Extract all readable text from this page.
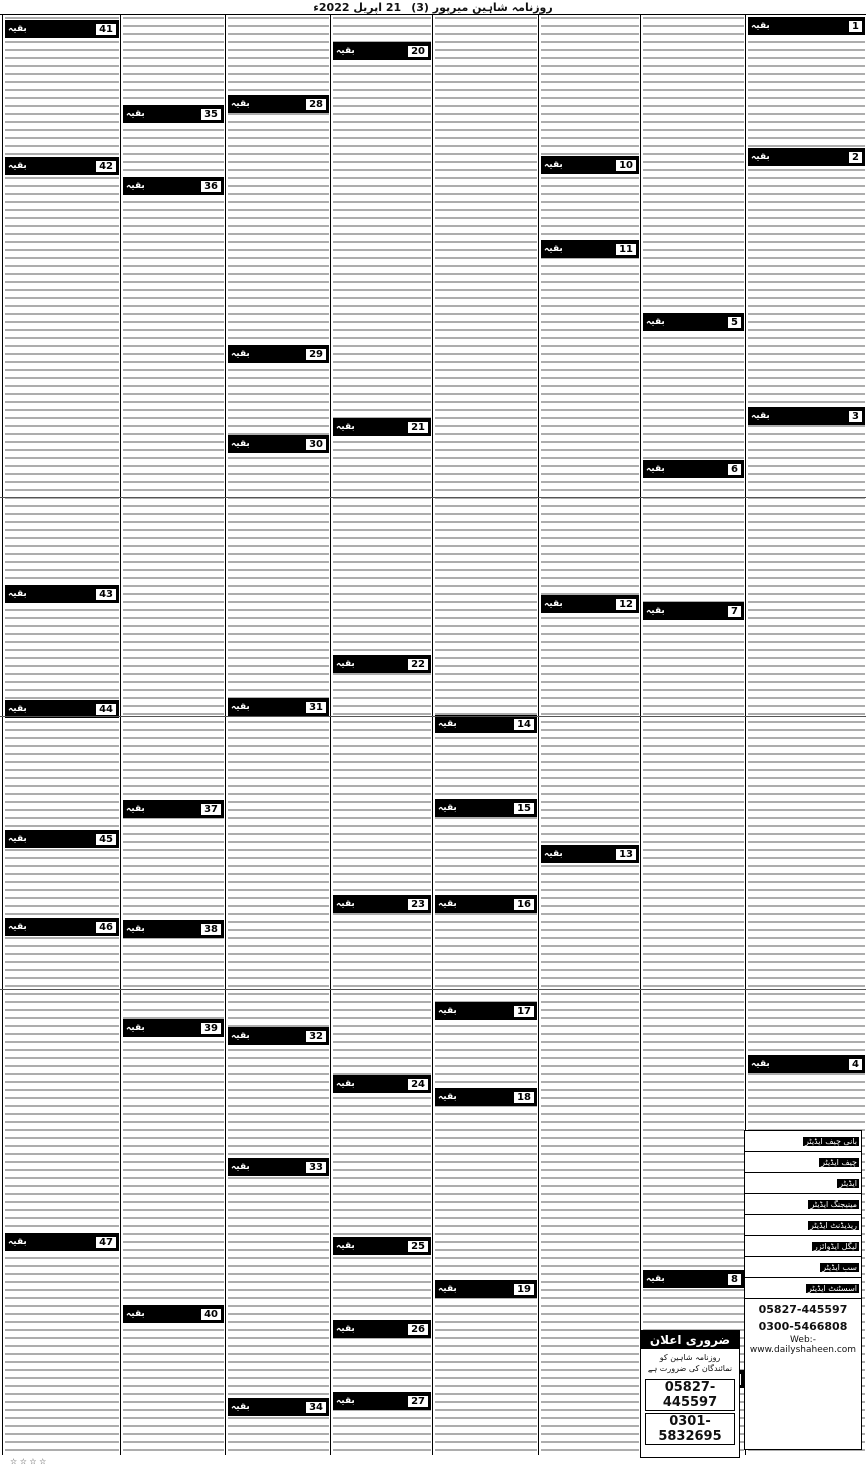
روزنامہ شاہین میرپور (3)
21 اپریل 2022ء
بقیہ	1
بقیہ	2
بقیہ	3
بقیہ	4
بقیہ	5
بقیہ	6
بقیہ	7
بقیہ	8
بقیہ	10
بقیہ	11
بقیہ	12
بقیہ	13
بقیہ	14
بقیہ	15
بقیہ	16
بقیہ	17
بقیہ	18
بقیہ	19
بقیہ	20
بقیہ	21
بقیہ	22
بقیہ	23
بقیہ	24
بقیہ	25
بقیہ	26
بقیہ	27
بقیہ	28
بقیہ	29
بقیہ	30
بقیہ	31
بقیہ	32
بقیہ	33
بقیہ	34
بقیہ	35
بقیہ	36
بقیہ	37
بقیہ	38
بقیہ	39
بقیہ	40
بقیہ	41
بقیہ	42
بقیہ	43
بقیہ	44
بقیہ	45
بقیہ	46
بقیہ	47
ضروری اعلان
روزنامہ شاہین کو نمائندگان کی ضرورت ہے
05827-445597
0301-5832695
بانی چیف ایڈیٹر
چیف ایڈیٹر
ایڈیٹر
مینیجنگ ایڈیٹر
ریذیڈنٹ ایڈیٹر
لیگل ایڈوائزر
سب ایڈیٹر
اسسٹنٹ ایڈیٹر
05827-445597
0300-5466808
Web:-www.dailyshaheen.com
☆ ☆ ☆ ☆
